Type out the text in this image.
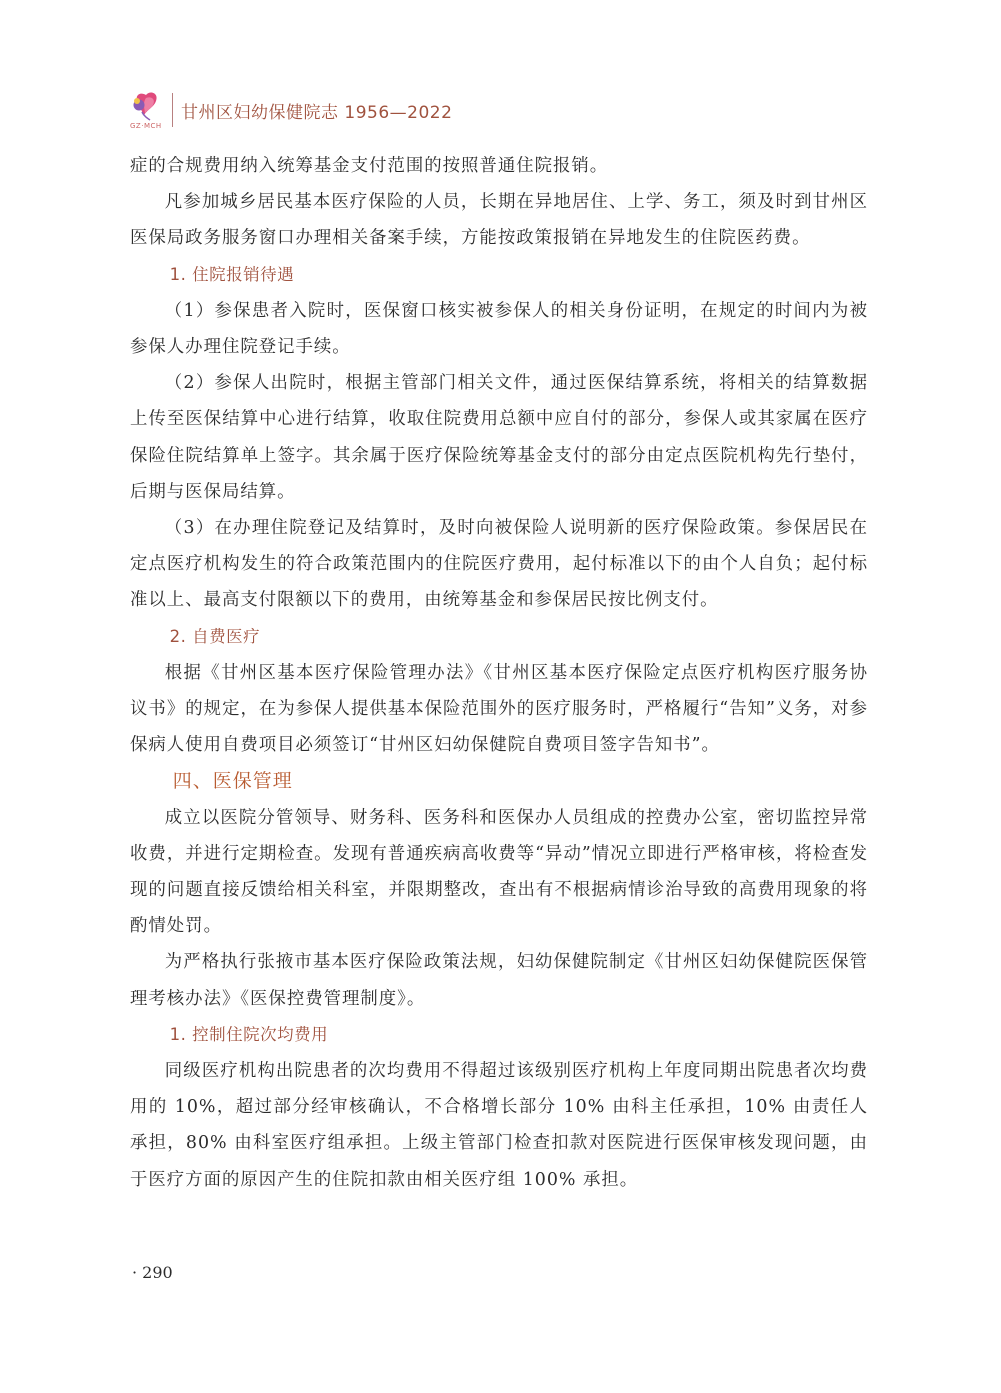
GZ·MCH
甘州区妇幼保健院志 1956—2022

症的合规费用纳入统筹基金支付范围的按照普通住院报销。

凡参加城乡居民基本医疗保险的人员，长期在异地居住、上学、务工，须及时到甘州区医保局政务服务窗口办理相关备案手续，方能按政策报销在异地发生的住院医药费。

1. 住院报销待遇

（1）参保患者入院时，医保窗口核实被参保人的相关身份证明，在规定的时间内为被参保人办理住院登记手续。

（2）参保人出院时，根据主管部门相关文件，通过医保结算系统，将相关的结算数据上传至医保结算中心进行结算，收取住院费用总额中应自付的部分，参保人或其家属在医疗保险住院结算单上签字。其余属于医疗保险统筹基金支付的部分由定点医院机构先行垫付，后期与医保局结算。

（3）在办理住院登记及结算时，及时向被保险人说明新的医疗保险政策。参保居民在定点医疗机构发生的符合政策范围内的住院医疗费用，起付标准以下的由个人自负；起付标准以上、最高支付限额以下的费用，由统筹基金和参保居民按比例支付。

2. 自费医疗

根据《甘州区基本医疗保险管理办法》《甘州区基本医疗保险定点医疗机构医疗服务协议书》的规定，在为参保人提供基本保险范围外的医疗服务时，严格履行“告知”义务，对参保病人使用自费项目必须签订“甘州区妇幼保健院自费项目签字告知书”。

四、医保管理

成立以医院分管领导、财务科、医务科和医保办人员组成的控费办公室，密切监控异常收费，并进行定期检查。发现有普通疾病高收费等“异动”情况立即进行严格审核，将检查发现的问题直接反馈给相关科室，并限期整改，查出有不根据病情诊治导致的高费用现象的将酌情处罚。

为严格执行张掖市基本医疗保险政策法规，妇幼保健院制定《甘州区妇幼保健院医保管理考核办法》《医保控费管理制度》。

1. 控制住院次均费用

同级医疗机构出院患者的次均费用不得超过该级别医疗机构上年度同期出院患者次均费用的 10%，超过部分经审核确认，不合格增长部分 10% 由科主任承担，10% 由责任人承担，80% 由科室医疗组承担。上级主管部门检查扣款对医院进行医保审核发现问题，由于医疗方面的原因产生的住院扣款由相关医疗组 100% 承担。

· 290
